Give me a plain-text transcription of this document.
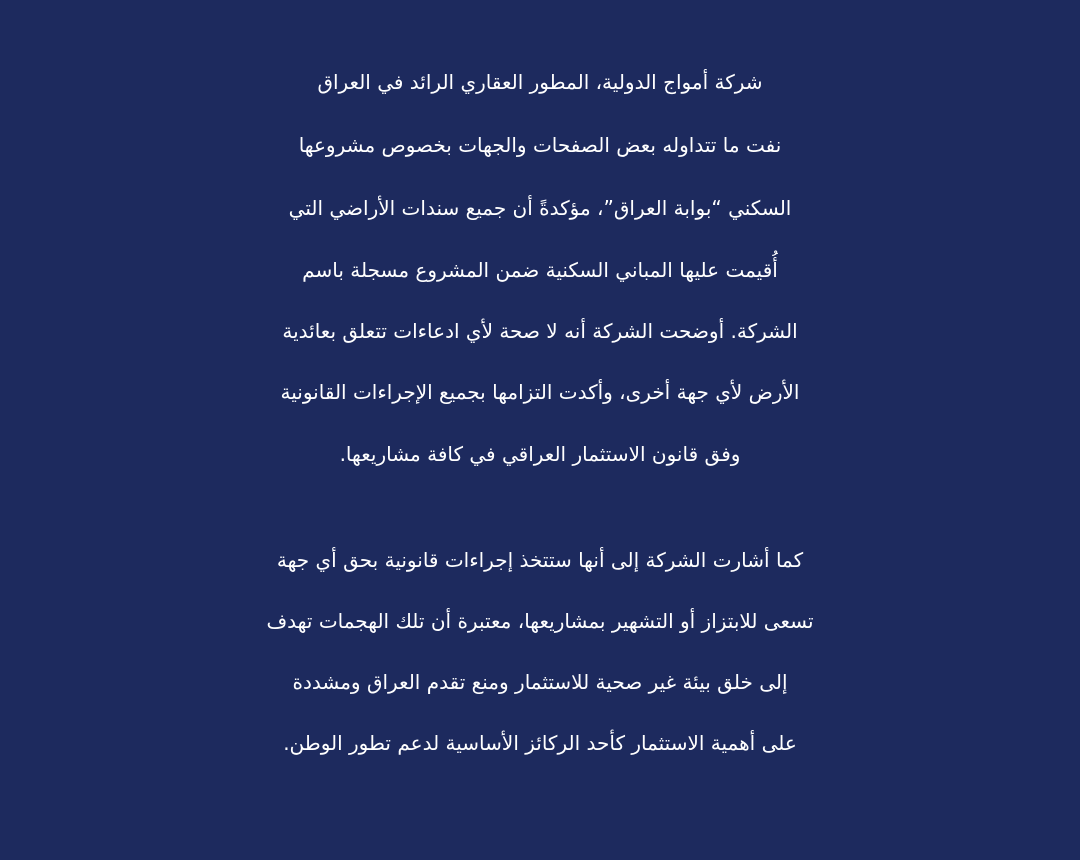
شركة أمواج الدولية، المطور العقاري الرائد في العراق
نفت ما تتداوله بعض الصفحات والجهات بخصوص مشروعها
السكني “بوابة العراق”، مؤكدةً أن جميع سندات الأراضي التي
أُقيمت عليها المباني السكنية ضمن المشروع مسجلة باسم
الشركة. أوضحت الشركة أنه لا صحة لأي ادعاءات تتعلق بعائدية
الأرض لأي جهة أخرى، وأكدت التزامها بجميع الإجراءات القانونية
وفق قانون الاستثمار العراقي في كافة مشاريعها.
كما أشارت الشركة إلى أنها ستتخذ إجراءات قانونية بحق أي جهة
تسعى للابتزاز أو التشهير بمشاريعها، معتبرة أن تلك الهجمات تهدف
إلى خلق بيئة غير صحية للاستثمار ومنع تقدم العراق ومشددة
على أهمية الاستثمار كأحد الركائز الأساسية لدعم تطور الوطن.
